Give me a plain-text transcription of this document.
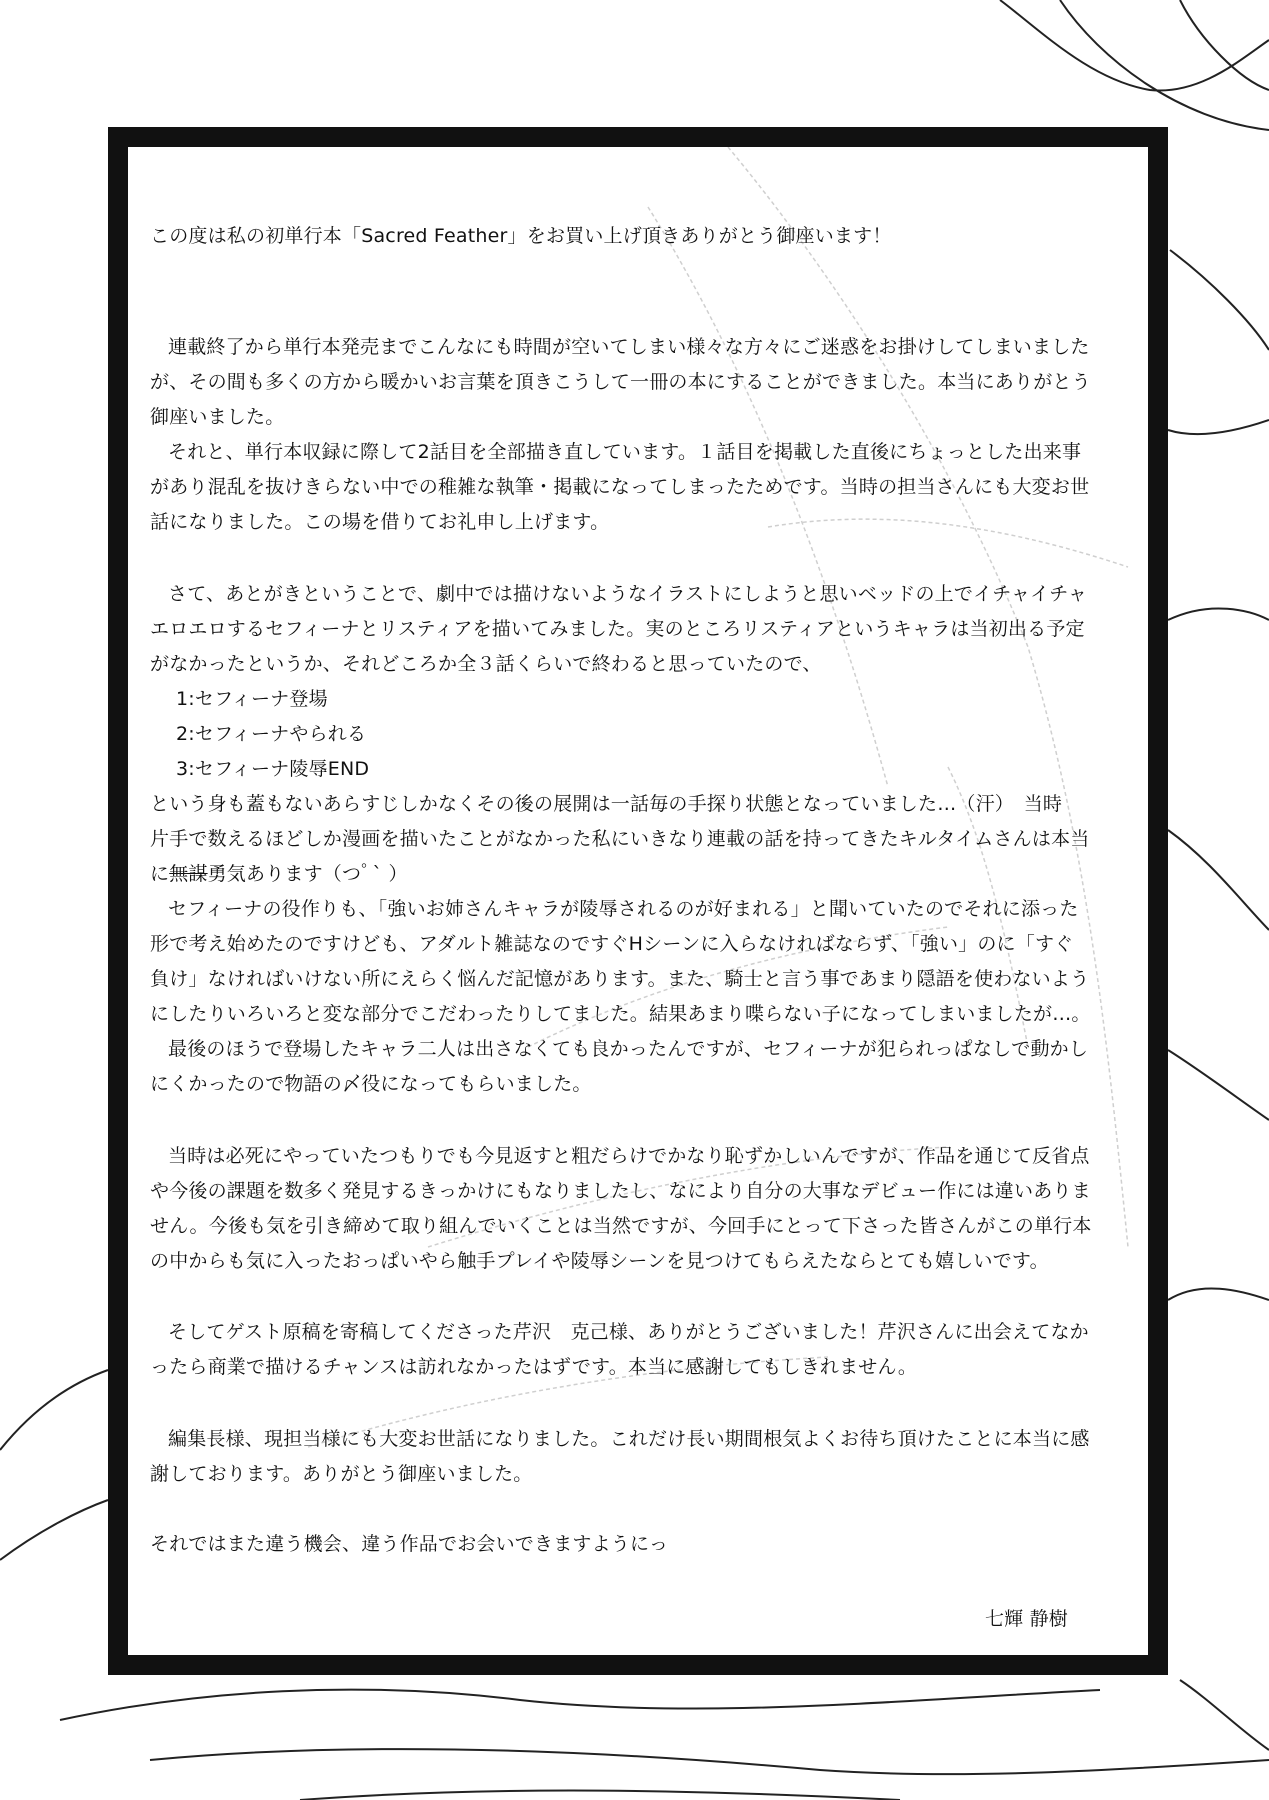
この度は私の初単行本「Sacred Feather」をお買い上げ頂きありがとう御座います！
連載終了から単行本発売までこんなにも時間が空いてしまい様々な方々にご迷惑をお掛けしてしまいました
が、その間も多くの方から暖かいお言葉を頂きこうして一冊の本にすることができました。本当にありがとう
御座いました。
それと、単行本収録に際して2話目を全部描き直しています。１話目を掲載した直後にちょっとした出来事
があり混乱を抜けきらない中での稚雑な執筆・掲載になってしまったためです。当時の担当さんにも大変お世
話になりました。この場を借りてお礼申し上げます。
さて、あとがきということで、劇中では描けないようなイラストにしようと思いベッドの上でイチャイチャ
エロエロするセフィーナとリスティアを描いてみました。実のところリスティアというキャラは当初出る予定
がなかったというか、それどころか全３話くらいで終わると思っていたので、
1:セフィーナ登場
2:セフィーナやられる
3:セフィーナ陵辱END
という身も蓋もないあらすじしかなくその後の展開は一話毎の手探り状態となっていました…（汗）　当時
片手で数えるほどしか漫画を描いたことがなかった私にいきなり連載の話を持ってきたキルタイムさんは本当
に無謀勇気あります（つ ゚ ` ）
セフィーナの役作りも、「強いお姉さんキャラが陵辱されるのが好まれる」と聞いていたのでそれに添った
形で考え始めたのですけども、アダルト雑誌なのですぐHシーンに入らなければならず、「強い」のに「すぐ
負け」なければいけない所にえらく悩んだ記憶があります。また、騎士と言う事であまり隠語を使わないよう
にしたりいろいろと変な部分でこだわったりしてました。結果あまり喋らない子になってしまいましたが…。
最後のほうで登場したキャラ二人は出さなくても良かったんですが、セフィーナが犯られっぱなしで動かし
にくかったので物語の〆役になってもらいました。
当時は必死にやっていたつもりでも今見返すと粗だらけでかなり恥ずかしいんですが、作品を通じて反省点
や今後の課題を数多く発見するきっかけにもなりましたし、なにより自分の大事なデビュー作には違いありま
せん。今後も気を引き締めて取り組んでいくことは当然ですが、今回手にとって下さった皆さんがこの単行本
の中からも気に入ったおっぱいやら触手プレイや陵辱シーンを見つけてもらえたならとても嬉しいです。
そしてゲスト原稿を寄稿してくださった芹沢　克己様、ありがとうございました！芹沢さんに出会えてなか
ったら商業で描けるチャンスは訪れなかったはずです。本当に感謝してもしきれません。
編集長様、現担当様にも大変お世話になりました。これだけ長い期間根気よくお待ち頂けたことに本当に感
謝しております。ありがとう御座いました。
それではまた違う機会、違う作品でお会いできますようにっ
七輝 静樹
